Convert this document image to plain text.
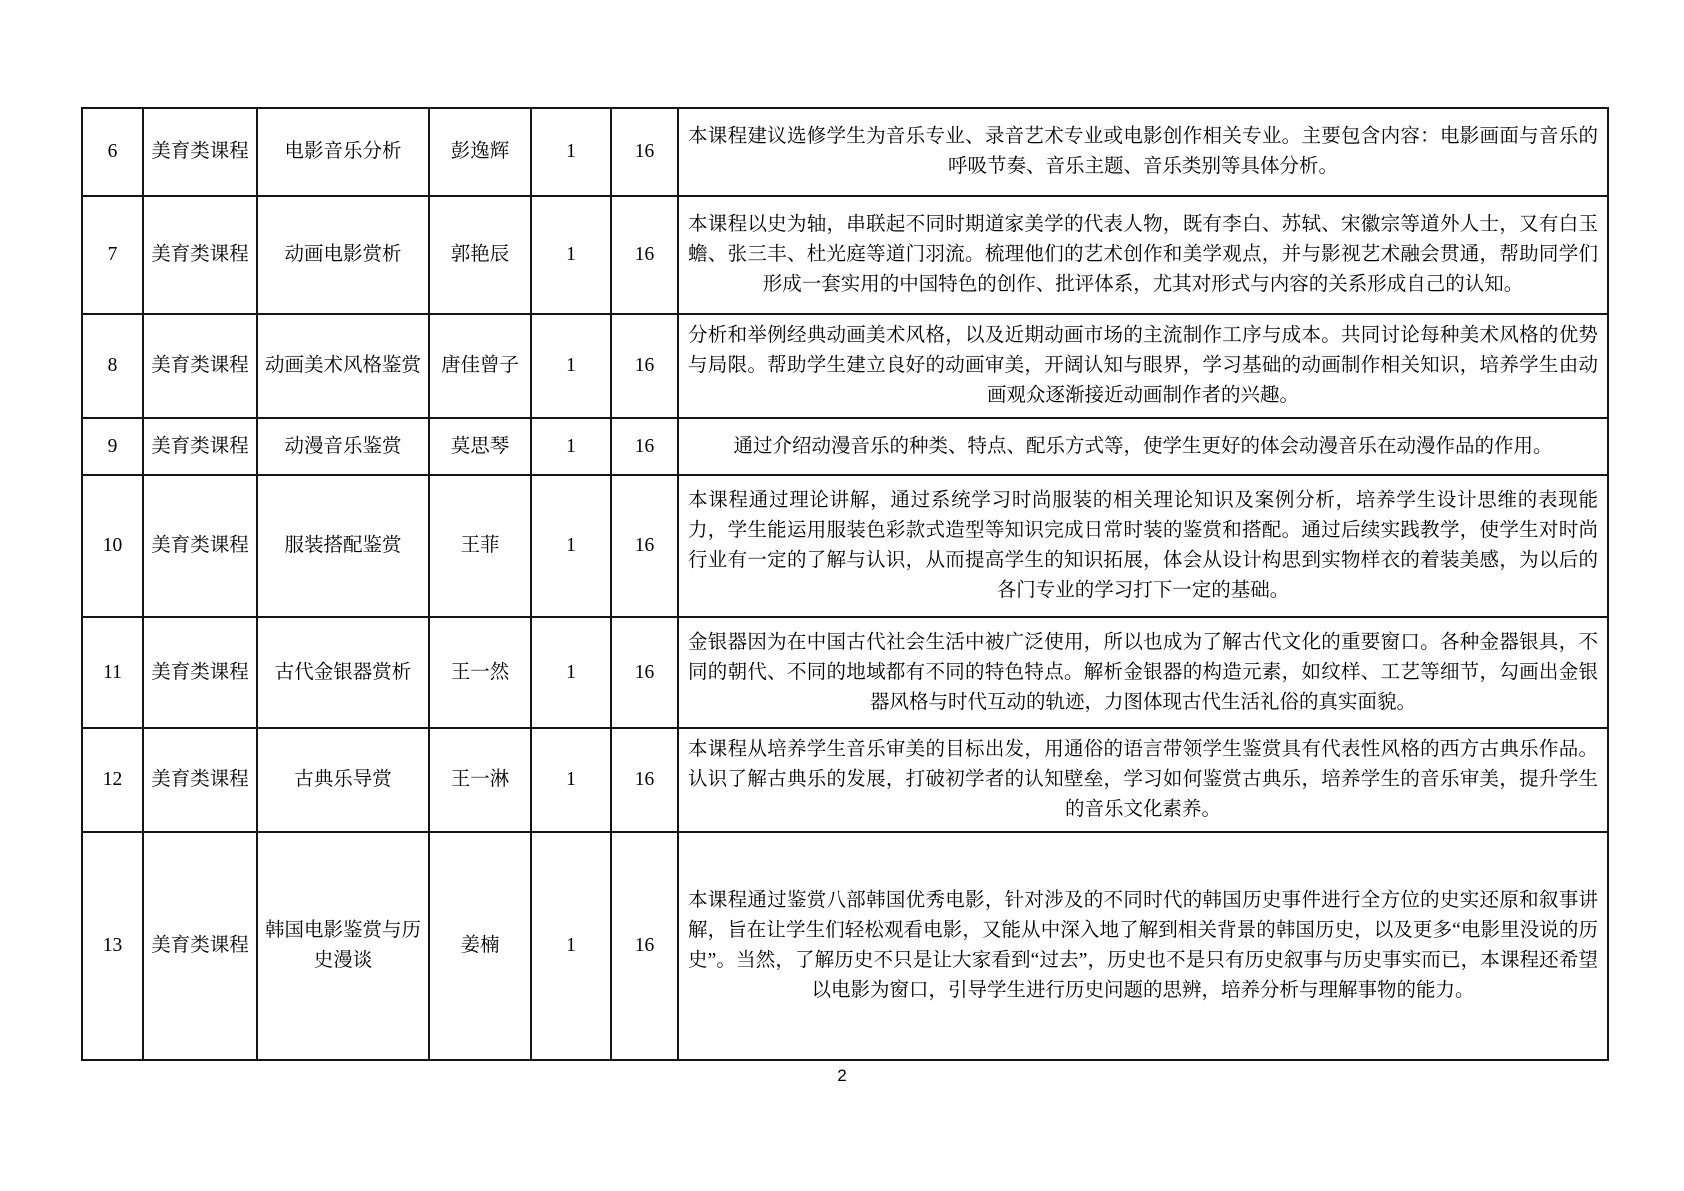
6	美育类课程	电影音乐分析	彭逸辉	1	16	本课程建议选修学生为音乐专业、录音艺术专业或电影创作相关专业。主要包含内容：电影画面与音乐的呼吸节奏、音乐主题、音乐类别等具体分析。
7	美育类课程	动画电影赏析	郭艳辰	1	16	本课程以史为轴，串联起不同时期道家美学的代表人物，既有李白、苏轼、宋徽宗等道外人士，又有白玉蟾、张三丰、杜光庭等道门羽流。梳理他们的艺术创作和美学观点，并与影视艺术融会贯通，帮助同学们形成一套实用的中国特色的创作、批评体系，尤其对形式与内容的关系形成自己的认知。
8	美育类课程	动画美术风格鉴赏	唐佳曾子	1	16	分析和举例经典动画美术风格，以及近期动画市场的主流制作工序与成本。共同讨论每种美术风格的优势与局限。帮助学生建立良好的动画审美，开阔认知与眼界，学习基础的动画制作相关知识，培养学生由动画观众逐渐接近动画制作者的兴趣。
9	美育类课程	动漫音乐鉴赏	莫思琴	1	16	通过介绍动漫音乐的种类、特点、配乐方式等，使学生更好的体会动漫音乐在动漫作品的作用。
10	美育类课程	服装搭配鉴赏	王菲	1	16	本课程通过理论讲解，通过系统学习时尚服装的相关理论知识及案例分析，培养学生设计思维的表现能力，学生能运用服装色彩款式造型等知识完成日常时装的鉴赏和搭配。通过后续实践教学，使学生对时尚行业有一定的了解与认识，从而提高学生的知识拓展，体会从设计构思到实物样衣的着装美感，为以后的各门专业的学习打下一定的基础。
11	美育类课程	古代金银器赏析	王一然	1	16	金银器因为在中国古代社会生活中被广泛使用，所以也成为了解古代文化的重要窗口。各种金器银具，不同的朝代、不同的地域都有不同的特色特点。解析金银器的构造元素，如纹样、工艺等细节，勾画出金银器风格与时代互动的轨迹，力图体现古代生活礼俗的真实面貌。
12	美育类课程	古典乐导赏	王一淋	1	16	本课程从培养学生音乐审美的目标出发，用通俗的语言带领学生鉴赏具有代表性风格的西方古典乐作品。认识了解古典乐的发展，打破初学者的认知壁垒，学习如何鉴赏古典乐，培养学生的音乐审美，提升学生的音乐文化素养。
13	美育类课程	韩国电影鉴赏与历史漫谈	姜楠	1	16	本课程通过鉴赏八部韩国优秀电影，针对涉及的不同时代的韩国历史事件进行全方位的史实还原和叙事讲解，旨在让学生们轻松观看电影，又能从中深入地了解到相关背景的韩国历史，以及更多“电影里没说的历史”。当然，了解历史不只是让大家看到“过去”，历史也不是只有历史叙事与历史事实而已，本课程还希望以电影为窗口，引导学生进行历史问题的思辨，培养分析与理解事物的能力。
2
